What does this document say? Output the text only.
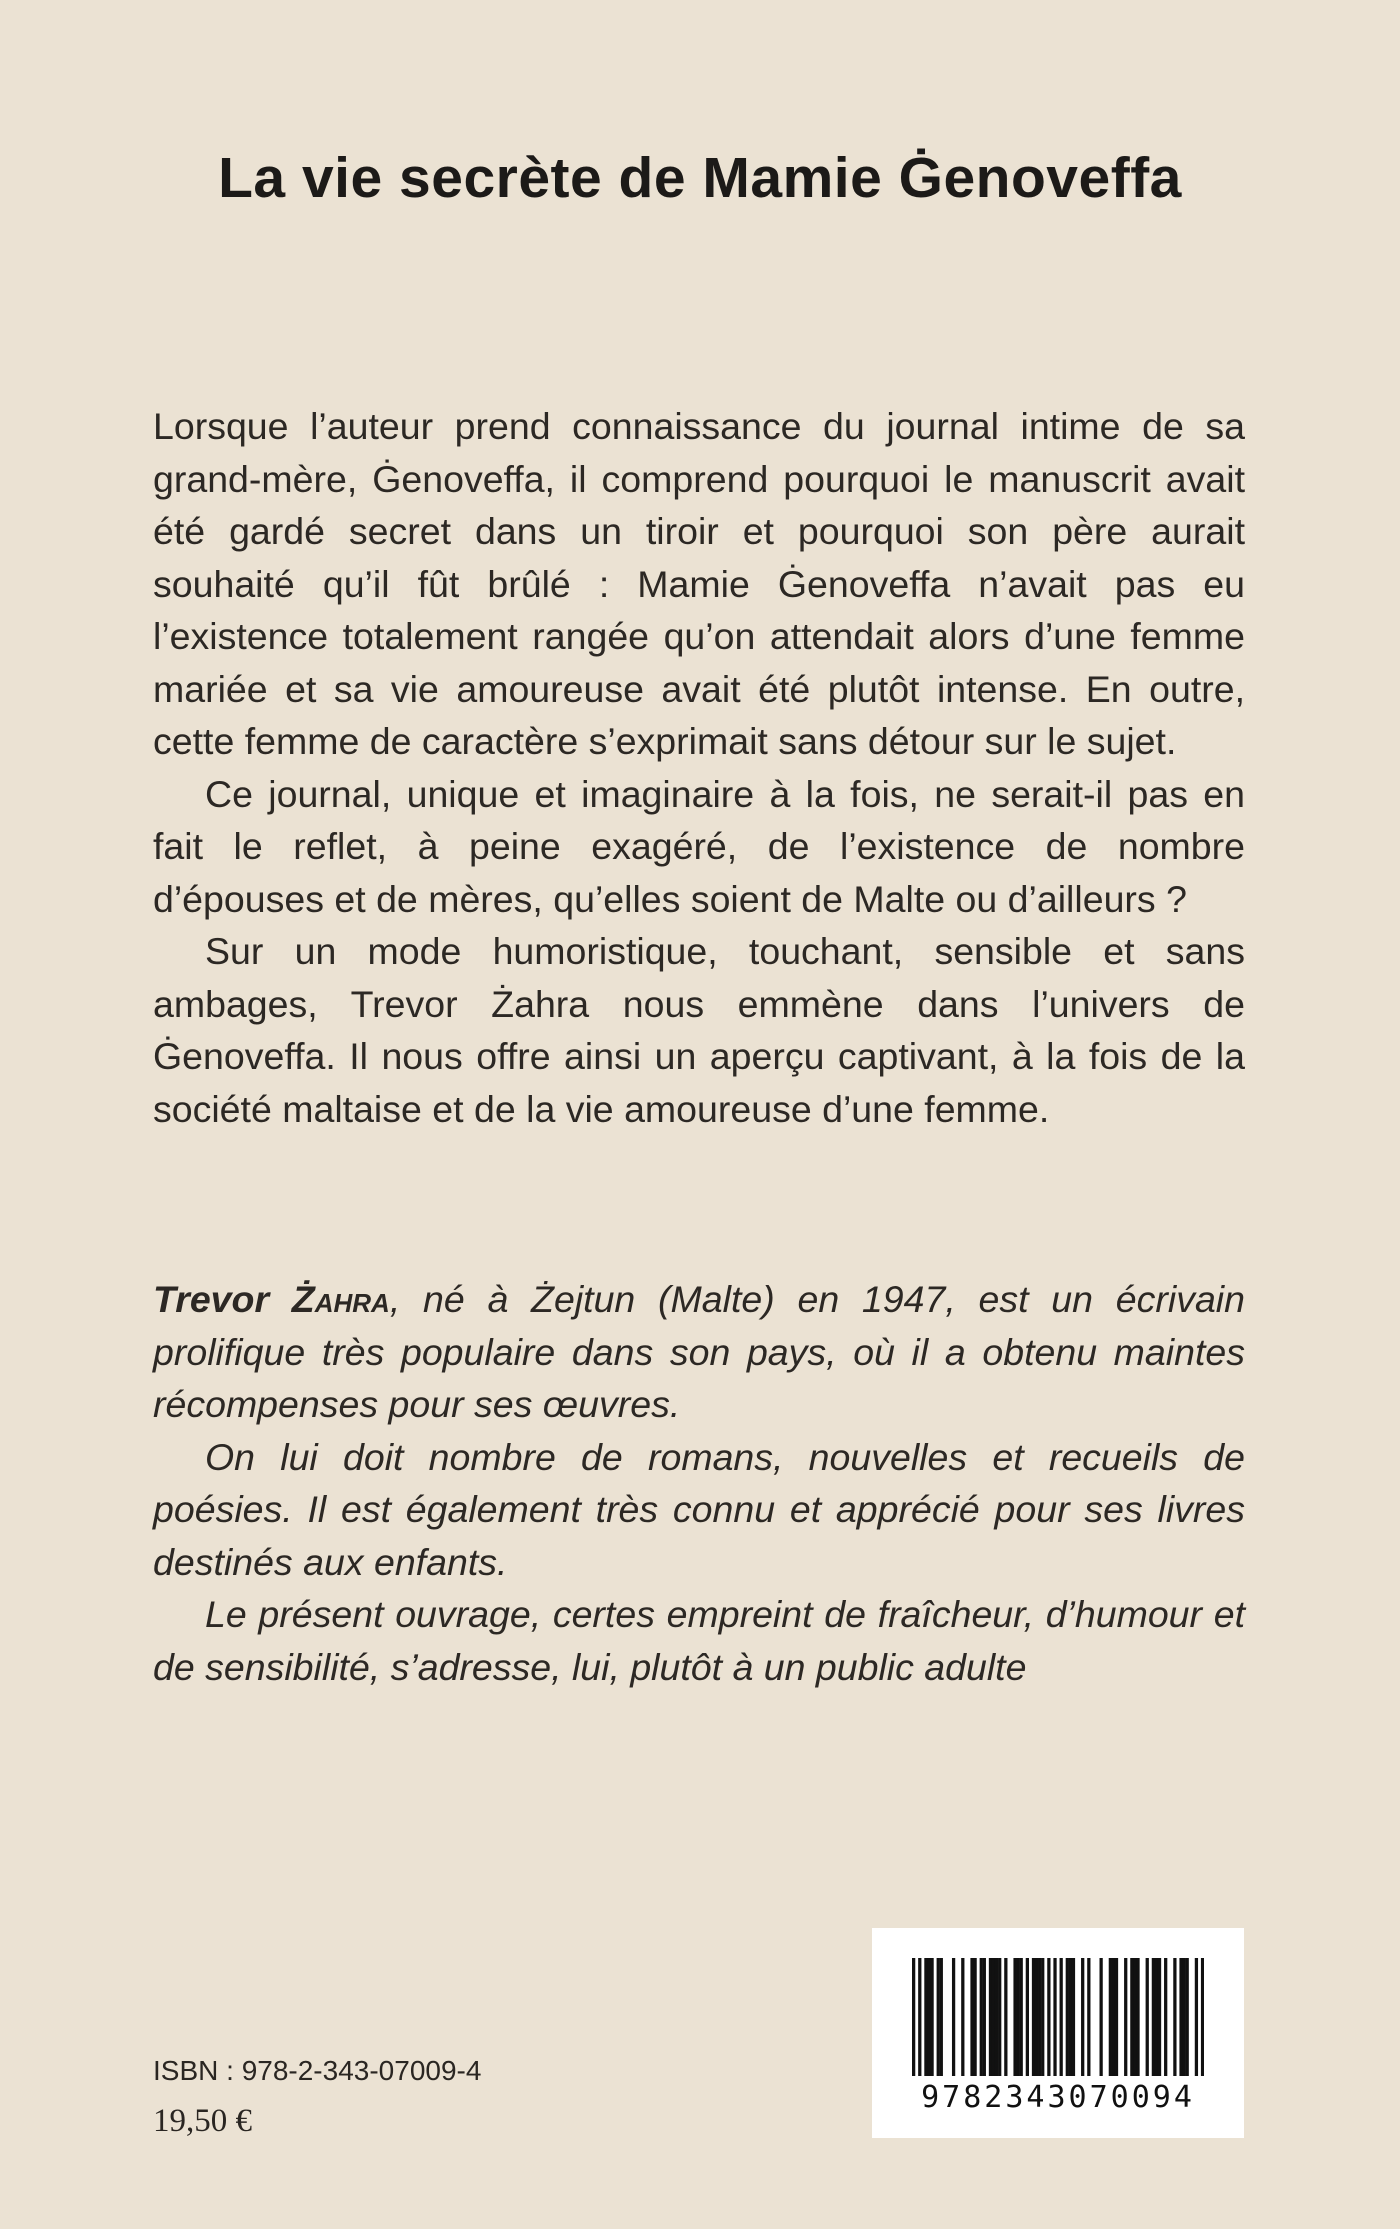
La vie secrète de Mamie Ġenoveffa

Lorsque l’auteur prend connaissance du journal intime de sa grand-mère, Ġenoveffa, il comprend pourquoi le manuscrit avait été gardé secret dans un tiroir et pourquoi son père aurait souhaité qu’il fût brûlé : Mamie Ġenoveffa n’avait pas eu l’existence totalement rangée qu’on attendait alors d’une femme mariée et sa vie amoureuse avait été plutôt intense. En outre, cette femme de caractère s’exprimait sans détour sur le sujet.

Ce journal, unique et imaginaire à la fois, ne serait-il pas en fait le reflet, à peine exagéré, de l’existence de nombre d’épouses et de mères, qu’elles soient de Malte ou d’ailleurs ?

Sur un mode humoristique, touchant, sensible et sans ambages, Trevor Żahra nous emmène dans l’univers de Ġenoveffa. Il nous offre ainsi un aperçu captivant, à la fois de la société maltaise et de la vie amoureuse d’une femme.

Trevor Żahra, né à Żejtun (Malte) en 1947, est un écrivain prolifique très populaire dans son pays, où il a obtenu maintes récompenses pour ses œuvres.

On lui doit nombre de romans, nouvelles et recueils de poésies. Il est également très connu et apprécié pour ses livres destinés aux enfants.

Le présent ouvrage, certes empreint de fraîcheur, d’humour et de sensibilité, s’adresse, lui, plutôt à un public adulte

ISBN : 978-2-343-07009-4
19,50 €
9782343070094
